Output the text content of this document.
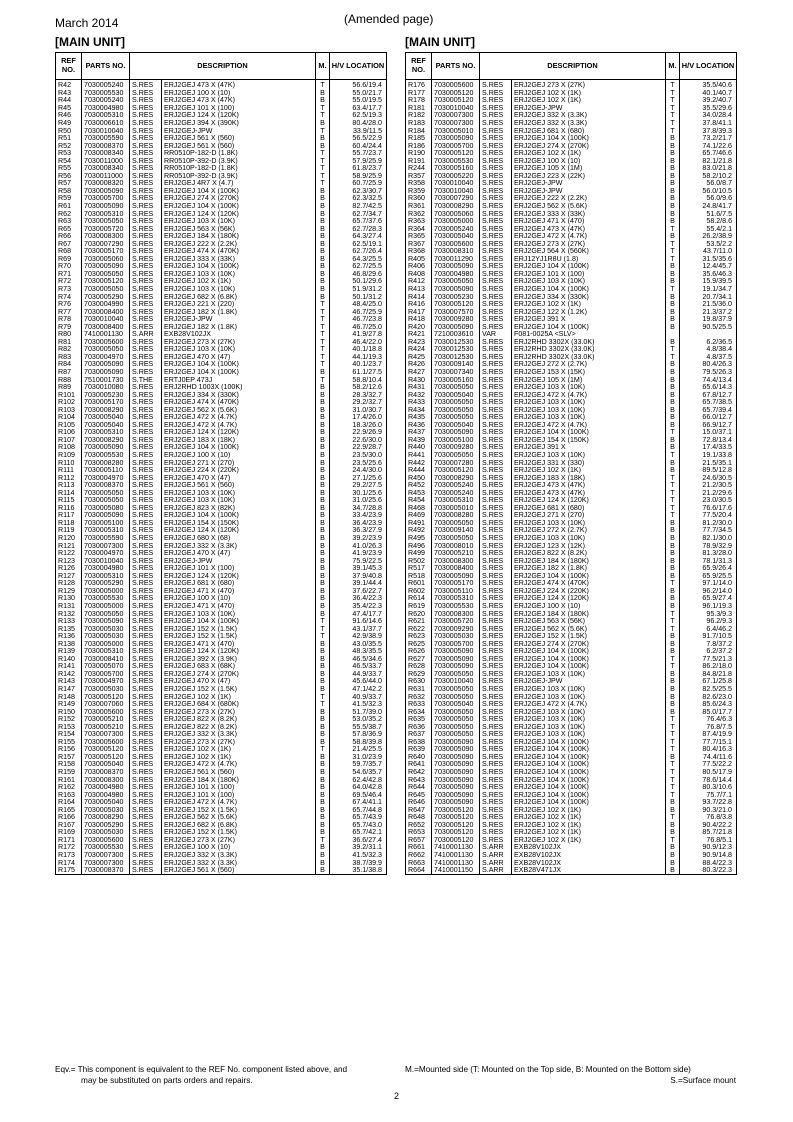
March 2014	(Amended page)
[MAIN UNIT]	[MAIN UNIT]
REF NO.	PARTS NO.	DESCRIPTION		M.	H/V LOCATION
R42	7030005240	S.RES	ERJ2GEJ 473 X (47K)	T	56.6/19.4
R43	7030005530	S.RES	ERJ2GEJ 100 X (10)	B	55.0/21.7
R44	7030005240	S.RES	ERJ2GEJ 473 X (47K)	B	55.0/19.5
R45	7030004980	S.RES	ERJ2GEJ 101 X (100)	T	63.4/17.7
R46	7030005310	S.RES	ERJ2GEJ 124 X (120K)	T	62.5/19.3
R49	7030006610	S.RES	ERJ2GEJ 394 X (390K)	B	80.4/28.0
R50	7030010040	S.RES	ERJ2GEJ-JPW	T	33.9/11.5
R51	7030005590	S.RES	ERJ2GEJ 561 X (560)	B	56.5/22.9
R52	7030008370	S.RES	ERJ2GEJ 561 X (560)	B	60.4/24.4
R53	7030008340	S.RES	RR0510P-182-D (1.8K)	T	55.7/23.7
R54	7030011000	S.RES	RR0510P-392-D (3.9K)	T	57.9/25.9
R55	7030008340	S.RES	RR0510P-182-D (1.8K)	T	61.8/23.7
R56	7030011000	S.RES	RR0510P-392-D (3.9K)	T	58.9/25.9
R57	7030008320	S.RES	ERJ2GEJ 4R7 X (4.7)	T	60.7/25.9
R58	7030005090	S.RES	ERJ2GEJ 104 X (100K)	B	62.3/30.7
R59	7030005700	S.RES	ERJ2GEJ 274 X (270K)	B	62.3/32.5
R61	7030005090	S.RES	ERJ2GEJ 104 X (100K)	B	82.7/42.5
R62	7030005310	S.RES	ERJ2GEJ 124 X (120K)	B	62.7/34.7
R63	7030005050	S.RES	ERJ2GEJ 103 X (10K)	B	65.7/37.6
R65	7030005720	S.RES	ERJ2GEJ 563 X (56K)	B	62.7/28.3
R66	7030008300	S.RES	ERJ2GEJ 184 X (180K)	B	64.3/27.4
R67	7030007290	S.RES	ERJ2GEJ 222 X (2.2K)	B	62.5/19.1
R68	7030005170	S.RES	ERJ2GEJ 474 X (470K)	B	62.7/26.4
R69	7030005060	S.RES	ERJ2GEJ 333 X (33K)	B	64.3/25.5
R70	7030005090	S.RES	ERJ2GEJ 104 X (100K)	B	62.7/25.5
R71	7030005050	S.RES	ERJ2GEJ 103 X (10K)	B	46.8/29.6
R72	7030005120	S.RES	ERJ2GEJ 102 X (1K)	B	50.1/29.6
R73	7030005050	S.RES	ERJ2GEJ 103 X (10K)	B	51.9/31.2
R74	7030005290	S.RES	ERJ2GEJ 682 X (6.8K)	B	50.1/31.2
R76	7030004990	S.RES	ERJ2GEJ 221 X (220)	T	48.4/25.0
R77	7030008400	S.RES	ERJ2GEJ 182 X (1.8K)	T	46.7/25.9
R78	7030010040	S.RES	ERJ2GEJ-JPW	T	46.7/23.8
R79	7030008400	S.RES	ERJ2GEJ 182 X (1.8K)	T	46.7/25.0
R80	7410001130	S.ARR	EXB28V102JX	T	41.9/27.8
R81	7030005600	S.RES	ERJ2GEJ 273 X (27K)	T	46.4/22.0
R82	7030005050	S.RES	ERJ2GEJ 103 X (10K)	T	40.1/18.8
R83	7030004970	S.RES	ERJ2GEJ 470 X (47)	T	44.1/19.3
R84	7030005090	S.RES	ERJ2GEJ 104 X (100K)	T	40.1/23.7
R87	7030005090	S.RES	ERJ2GEJ 104 X (100K)	B	61.1/27.5
R88	7510001730	S.THE	ERTJ0EP 473J	T	58.8/10.4
R89	7030010080	S.RES	ERJ2RHD 1003X (100K)	B	58.2/12.6
R101	7030005230	S.RES	ERJ2GEJ 334 X (330K)	B	28.3/32.7
R102	7030005170	S.RES	ERJ2GEJ 474 X (470K)	B	29.2/32.7
R103	7030008290	S.RES	ERJ2GEJ 562 X (5.6K)	B	31.0/30.7
R104	7030005040	S.RES	ERJ2GEJ 472 X (4.7K)	B	17.4/26.0
R105	7030005040	S.RES	ERJ2GEJ 472 X (4.7K)	B	18.3/26.0
R106	7030005310	S.RES	ERJ2GEJ 124 X (120K)	B	22.9/26.9
R107	7030008290	S.RES	ERJ2GEJ 183 X (18K)	B	22.6/30.0
R108	7030005090	S.RES	ERJ2GEJ 104 X (100K)	B	22.9/28.7
R109	7030005530	S.RES	ERJ2GEJ 100 X (10)	B	23.5/30.0
R110	7030008280	S.RES	ERJ2GEJ 271 X (270)	B	23.5/25.6
R111	7030005110	S.RES	ERJ2GEJ 224 X (220K)	B	24.4/30.0
R112	7030004970	S.RES	ERJ2GEJ 470 X (47)	B	27.1/25.6
R113	7030008370	S.RES	ERJ2GEJ 561 X (560)	B	29.2/27.5
R114	7030005050	S.RES	ERJ2GEJ 103 X (10K)	B	30.1/25.6
R115	7030005050	S.RES	ERJ2GEJ 103 X (10K)	B	31.0/25.6
R116	7030005080	S.RES	ERJ2GEJ 823 X (82K)	B	34.7/28.8
R117	7030005090	S.RES	ERJ2GEJ 104 X (100K)	B	33.4/23.9
R118	7030005100	S.RES	ERJ2GEJ 154 X (150K)	B	36.4/23.9
R119	7030005310	S.RES	ERJ2GEJ 124 X (120K)	B	36.3/27.9
R120	7030005590	S.RES	ERJ2GEJ 680 X (68)	B	39.2/23.9
R121	7030007300	S.RES	ERJ2GEJ 332 X (3.3K)	B	41.0/26.3
R122	7030004970	S.RES	ERJ2GEJ 470 X (47)	B	41.9/23.9
R123	7030010040	S.RES	ERJ2GEJ-JPW	B	75.9/22.5
R126	7030004980	S.RES	ERJ2GEJ 101 X (100)	B	39.1/45.3
R127	7030005310	S.RES	ERJ2GEJ 124 X (120K)	B	37.9/40.8
R128	7030005290	S.RES	ERJ2GEJ 681 X (680)	B	39.1/44.4
R129	7030005000	S.RES	ERJ2GEJ 471 X (470)	B	37.6/22.7
R130	7030005530	S.RES	ERJ2GEJ 100 X (10)	B	36.4/22.3
R131	7030005000	S.RES	ERJ2GEJ 471 X (470)	B	35.4/22.3
R132	7030005050	S.RES	ERJ2GEJ 103 X (10K)	B	47.4/17.7
R133	7030005090	S.RES	ERJ2GEJ 104 X (100K)	T	91.6/14.6
R135	7030005030	S.RES	ERJ2GEJ 152 X (1.5K)	T	43.1/37.7
R136	7030005030	S.RES	ERJ2GEJ 152 X (1.5K)	T	42.9/38.9
R138	7030005000	S.RES	ERJ2GEJ 471 X (470)	B	43.0/35.5
R139	7030005310	S.RES	ERJ2GEJ 124 X (120K)	B	48.3/35.5
R140	7030008410	S.RES	ERJ2GEJ 392 X (3.9K)	B	46.5/34.6
R141	7030005070	S.RES	ERJ2GEJ 683 X (68K)	B	46.5/33.7
R142	7030005700	S.RES	ERJ2GEJ 274 X (270K)	B	44.9/33.7
R143	7030004970	S.RES	ERJ2GEJ 470 X (47)	B	45.6/44.0
R147	7030005030	S.RES	ERJ2GEJ 152 X (1.5K)	B	47.1/42.2
R148	7030005120	S.RES	ERJ2GEJ 102 X (1K)	T	40.9/33.7
R149	7030007060	S.RES	ERJ2GEJ 684 X (680K)	T	41.5/32.3
R150	7030005600	S.RES	ERJ2GEJ 273 X (27K)	B	51.7/39.0
R152	7030005210	S.RES	ERJ2GEJ 822 X (8.2K)	B	53.0/35.2
R153	7030005210	S.RES	ERJ2GEJ 822 X (8.2K)	B	55.5/38.7
R154	7030007300	S.RES	ERJ2GEJ 332 X (3.3K)	B	57.8/36.9
R155	7030005600	S.RES	ERJ2GEJ 273 X (27K)	B	58.8/39.8
R156	7030005120	S.RES	ERJ2GEJ 102 X (1K)	T	21.4/25.5
R157	7030005120	S.RES	ERJ2GEJ 102 X (1K)	B	31.0/23.9
R158	7030005040	S.RES	ERJ2GEJ 472 X (4.7K)	B	59.7/35.7
R159	7030008370	S.RES	ERJ2GEJ 561 X (560)	B	54.6/35.7
R161	7030008300	S.RES	ERJ2GEJ 184 X (180K)	B	62.4/42.8
R162	7030004980	S.RES	ERJ2GEJ 101 X (100)	B	64.0/42.8
R163	7030004980	S.RES	ERJ2GEJ 101 X (100)	B	69.5/46.4
R164	7030005040	S.RES	ERJ2GEJ 472 X (4.7K)	B	67.4/41.1
R165	7030005030	S.RES	ERJ2GEJ 152 X (1.5K)	B	65.7/44.8
R166	7030008290	S.RES	ERJ2GEJ 562 X (5.6K)	B	65.7/43.9
R167	7030005290	S.RES	ERJ2GEJ 682 X (6.8K)	B	65.7/43.0
R169	7030005030	S.RES	ERJ2GEJ 152 X (1.5K)	B	65.7/42.1
R171	7030005600	S.RES	ERJ2GEJ 273 X (27K)	T	36.6/27.4
R172	7030005530	S.RES	ERJ2GEJ 100 X (10)	B	39.2/31.1
R173	7030007300	S.RES	ERJ2GEJ 332 X (3.3K)	B	41.5/32.3
R174	7030007300	S.RES	ERJ2GEJ 332 X (3.3K)	B	38.7/39.9
R175	7030008370	S.RES	ERJ2GEJ 561 X (560)	B	35.1/38.8
REF NO.	PARTS NO.	DESCRIPTION		M.	H/V LOCATION
R176	7030005600	S.RES	ERJ2GEJ 273 X (27K)	T	35.5/40.6
R177	7030005120	S.RES	ERJ2GEJ 102 X (1K)	T	40.1/40.7
R178	7030005120	S.RES	ERJ2GEJ 102 X (1K)	T	39.2/40.7
R181	7030010040	S.RES	ERJ2GEJ-JPW	T	35.5/29.6
R182	7030007300	S.RES	ERJ2GEJ 332 X (3.3K)	T	34.0/28.4
R183	7030007300	S.RES	ERJ2GEJ 332 X (3.3K)	T	37.8/41.1
R184	7030005010	S.RES	ERJ2GEJ 681 X (680)	T	37.8/39.3
R185	7030005090	S.RES	ERJ2GEJ 104 X (100K)	B	73.2/21.7
R186	7030005700	S.RES	ERJ2GEJ 274 X (270K)	B	74.1/22.6
R190	7030005120	S.RES	ERJ2GEJ 102 X (1K)	B	65.7/46.6
R191	7030005530	S.RES	ERJ2GEJ 100 X (10)	B	82.1/21.8
R244	7030005160	S.RES	ERJ2GEJ 105 X (1M)	B	83.0/21.8
R357	7030005220	S.RES	ERJ2GEJ 223 X (22K)	B	58.2/10.2
R358	7030010040	S.RES	ERJ2GEJ-JPW	B	56.0/8.7
R359	7030010040	S.RES	ERJ2GEJ-JPW	B	56.0/10.5
R360	7030007290	S.RES	ERJ2GEJ 222 X (2.2K)	B	56.0/9.6
R361	7030008290	S.RES	ERJ2GEJ 562 X (5.6K)	B	24.8/41.7
R362	7030005060	S.RES	ERJ2GEJ 333 X (33K)	B	51.6/7.5
R363	7030005000	S.RES	ERJ2GEJ 471 X (470)	B	58.2/8.6
R364	7030005240	S.RES	ERJ2GEJ 473 X (47K)	T	55.4/2.1
R365	7030005040	S.RES	ERJ2GEJ 472 X (4.7K)	B	26.2/38.9
R367	7030005600	S.RES	ERJ2GEJ 273 X (27K)	T	53.5/2.2
R368	7030008310	S.RES	ERJ2GEJ 564 X (560K)	T	43.7/11.0
R405	7030011290	S.RES	ERJ12YJ1R8U (1.8)	T	31.5/35.6
R406	7030005090	S.RES	ERJ2GEJ 104 X (100K)	B	12.4/45.7
R408	7030004980	S.RES	ERJ2GEJ 101 X (100)	B	35.6/46.3
R412	7030005050	S.RES	ERJ2GEJ 103 X (10K)	B	15.9/39.5
R413	7030005090	S.RES	ERJ2GEJ 104 X (100K)	T	19.1/34.7
R414	7030005230	S.RES	ERJ2GEJ 334 X (330K)	B	20.7/34.1
R416	7030005120	S.RES	ERJ2GEJ 102 X (1K)	B	21.5/36.0
R417	7030007570	S.RES	ERJ2GEJ 122 X (1.2K)	B	21.3/37.2
R418	7030009280	S.RES	ERJ2GEJ 391 X	B	19.8/37.9
R420	7030005090	S.RES	ERJ2GEJ 104 X (100K)	B	90.5/25.5
R421	7210003610	VAR	F081-0025A <SLV>		
R423	7030012530	S.RES	ERJ2RHD 3302X (33.0K)	B	6.2/36.5
R424	7030012530	S.RES	ERJ2RHD 3302X (33.0K)	T	4.8/38.4
R425	7030012530	S.RES	ERJ2RHD 3302X (33.0K)	T	4.8/37.5
R426	7030009140	S.RES	ERJ2GEJ 272 X (2.7K)	B	80.4/26.3
R427	7030007340	S.RES	ERJ2GEJ 153 X (15K)	B	79.5/26.3
R430	7030005160	S.RES	ERJ2GEJ 105 X (1M)	B	74.4/13.4
R431	7030005050	S.RES	ERJ2GEJ 103 X (10K)	B	65.6/14.3
R432	7030005040	S.RES	ERJ2GEJ 472 X (4.7K)	B	67.8/12.7
R433	7030005050	S.RES	ERJ2GEJ 103 X (10K)	B	65.7/38.5
R434	7030005050	S.RES	ERJ2GEJ 103 X (10K)	B	65.7/39.4
R435	7030005050	S.RES	ERJ2GEJ 103 X (10K)	B	66.0/12.7
R436	7030005040	S.RES	ERJ2GEJ 472 X (4.7K)	B	66.9/12.7
R437	7030005090	S.RES	ERJ2GEJ 104 X (100K)	T	15.0/37.1
R439	7030005100	S.RES	ERJ2GEJ 154 X (150K)	B	72.8/13.4
R440	7030009280	S.RES	ERJ2GEJ 391 X	B	17.4/33.5
R441	7030005050	S.RES	ERJ2GEJ 103 X (10K)	T	19.1/33.8
R442	7030007280	S.RES	ERJ2GEJ 331 X (330)	B	21.5/35.1
R444	7030005120	S.RES	ERJ2GEJ 102 X (1K)	B	89.5/12.8
R450	7030008290	S.RES	ERJ2GEJ 183 X (18K)	T	24.6/30.5
R452	7030005240	S.RES	ERJ2GEJ 473 X (47K)	T	21.2/30.5
R453	7030005240	S.RES	ERJ2GEJ 473 X (47K)	T	21.2/29.6
R454	7030005310	S.RES	ERJ2GEJ 124 X (120K)	T	23.0/30.5
R468	7030005010	S.RES	ERJ2GEJ 681 X (680)	T	76.6/17.6
R469	7030008280	S.RES	ERJ2GEJ 271 X (270)	T	77.5/20.4
R491	7030005050	S.RES	ERJ2GEJ 103 X (10K)	B	81.2/30.0
R492	7030009140	S.RES	ERJ2GEJ 272 X (2.7K)	B	77.7/34.5
R495	7030005050	S.RES	ERJ2GEJ 103 X (10K)	B	82.1/30.0
R496	7030008010	S.RES	ERJ2GEJ 123 X (12K)	B	78.9/32.9
R499	7030005210	S.RES	ERJ2GEJ 822 X (8.2K)	B	81.3/28.0
R502	7030008300	S.RES	ERJ2GEJ 184 X (180K)	B	78.1/31.3
R517	7030008400	S.RES	ERJ2GEJ 182 X (1.8K)	B	65.9/26.4
R518	7030005090	S.RES	ERJ2GEJ 104 X (100K)	B	65.9/25.5
R601	7030005170	S.RES	ERJ2GEJ 474 X (470K)	T	97.1/14.0
R602	7030005110	S.RES	ERJ2GEJ 224 X (220K)	B	96.2/14.0
R614	7030005310	S.RES	ERJ2GEJ 124 X (120K)	B	65.9/27.4
R619	7030005530	S.RES	ERJ2GEJ 100 X (10)	B	96.1/19.3
R620	7030008300	S.RES	ERJ2GEJ 184 X (180K)	T	95.3/9.3
R621	7030005720	S.RES	ERJ2GEJ 563 X (56K)	T	96.2/9.3
R622	7030009290	S.RES	ERJ2GEJ 562 X (5.6K)	T	6.4/46.2
R623	7030005030	S.RES	ERJ2GEJ 152 X (1.5K)	B	91.7/10.5
R625	7030005700	S.RES	ERJ2GEJ 274 X (270K)	B	7.8/37.2
R626	7030005090	S.RES	ERJ2GEJ 104 X (100K)	B	6.2/37.2
R627	7030005090	S.RES	ERJ2GEJ 104 X (100K)	T	77.5/21.3
R628	7030005090	S.RES	ERJ2GEJ 104 X (100K)	T	86.2/18.0
R629	7030005050	S.RES	ERJ2GEJ 103 X (10K)	B	84.8/21.8
R630	7030010040	S.RES	ERJ2GEJ-JPW	B	67.1/25.8
R631	7030005050	S.RES	ERJ2GEJ 103 X (10K)	B	82.5/25.5
R632	7030005050	S.RES	ERJ2GEJ 103 X (10K)	B	82.6/23.0
R633	7030005040	S.RES	ERJ2GEJ 472 X (4.7K)	B	85.6/24.3
R634	7030005050	S.RES	ERJ2GEJ 103 X (10K)	B	85.0/17.7
R635	7030005050	S.RES	ERJ2GEJ 103 X (10K)	T	76.4/6.3
R636	7030005050	S.RES	ERJ2GEJ 103 X (10K)	T	76.8/7.5
R637	7030005050	S.RES	ERJ2GEJ 103 X (10K)	T	87.4/19.9
R638	7030005090	S.RES	ERJ2GEJ 104 X (100K)	T	77.7/15.1
R639	7030005090	S.RES	ERJ2GEJ 104 X (100K)	T	80.4/16.3
R640	7030005090	S.RES	ERJ2GEJ 104 X (100K)	B	74.4/11.6
R641	7030005090	S.RES	ERJ2GEJ 104 X (100K)	T	77.5/22.2
R642	7030005090	S.RES	ERJ2GEJ 104 X (100K)	T	80.5/17.9
R643	7030005090	S.RES	ERJ2GEJ 104 X (100K)	T	78.6/14.4
R644	7030005090	S.RES	ERJ2GEJ 104 X (100K)	T	80.3/10.6
R645	7030005090	S.RES	ERJ2GEJ 104 X (100K)	T	75.7/7.1
R646	7030005090	S.RES	ERJ2GEJ 104 X (100K)	B	93.7/22.8
R647	7030005120	S.RES	ERJ2GEJ 102 X (1K)	B	90.3/21.0
R648	7030005120	S.RES	ERJ2GEJ 102 X (1K)	T	76.8/3.8
R652	7030005120	S.RES	ERJ2GEJ 102 X (1K)	B	90.4/22.2
R653	7030005120	S.RES	ERJ2GEJ 102 X (1K)	B	85.7/21.8
R657	7030005120	S.RES	ERJ2GEJ 102 X (1K)	T	76.8/5.1
R661	7410001130	S.ARR	EXB28V102JX	B	90.9/12.3
R662	7410001130	S.ARR	EXB28V102JX	B	90.9/14.8
R663	7410001130	S.ARR	EXB28V102JX	B	88.4/22.3
R664	7410001150	S.ARR	EXB28V471JX	B	80.3/22.3
Eqv.= This component is equivalent to the REF No. component listed above, and
may be substituted on parts orders and repairs.
M.=Mounted side (T: Mounted on the Top side, B: Mounted on the Bottom side)
S.=Surface mount
2
